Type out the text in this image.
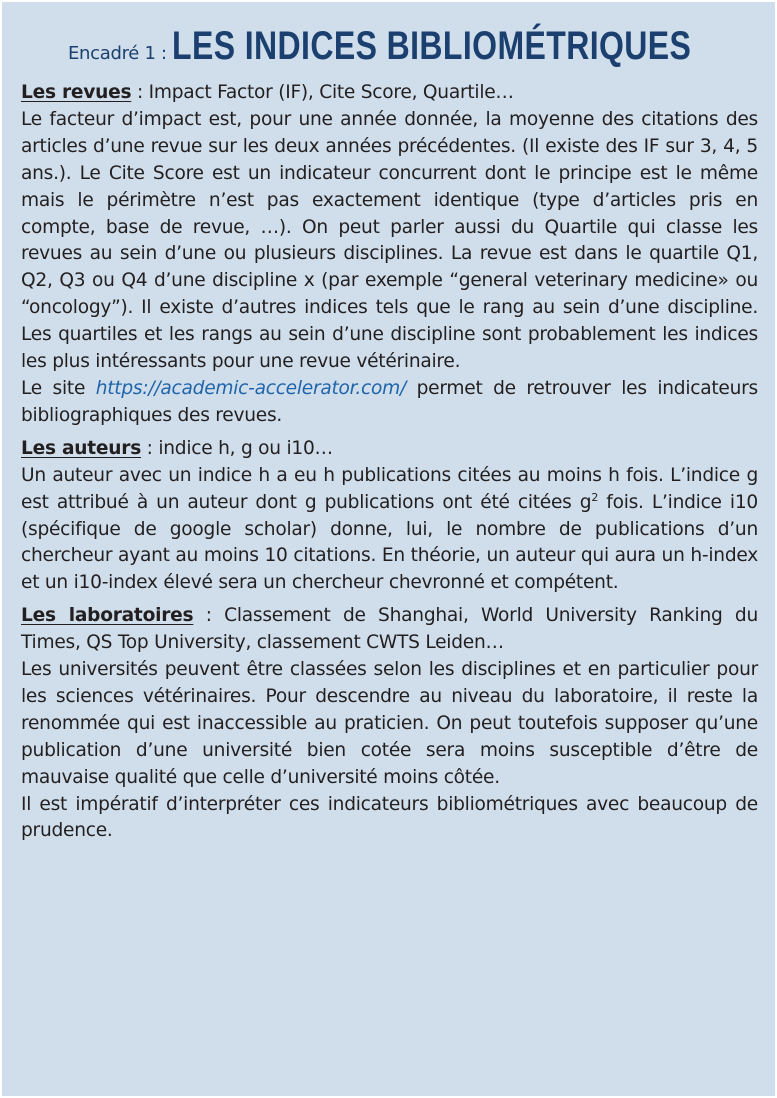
Encadré 1 : LES INDICES BIBLIOMÉTRIQUES

Les revues : Impact Factor (IF), Cite Score, Quartile…

Le facteur d’impact est, pour une année donnée, la moyenne des citations des articles d’une revue sur les deux années précédentes. (Il existe des IF sur 3, 4, 5 ans.). Le Cite Score est un indicateur concurrent dont le principe est le même mais le périmètre n’est pas exactement identique (type d’articles pris en compte, base de revue, …). On peut parler aussi du Quartile qui classe les revues au sein d’une ou plusieurs disciplines. La revue est dans le quartile Q1, Q2, Q3 ou Q4 d’une discipline x (par exemple “general veterinary medicine» ou “oncology”). Il existe d’autres indices tels que le rang au sein d’une discipline. Les quartiles et les rangs au sein d’une discipline sont probablement les indices les plus intéressants pour une revue vétérinaire.

Le site https://academic-accelerator.com/ permet de retrouver les indicateurs bibliographiques des revues.

Les auteurs : indice h, g ou i10…

Un auteur avec un indice h a eu h publications citées au moins h fois. L’indice g est attribué à un auteur dont g publications ont été citées $g^2$ fois. L’indice i10 (spécifique de google scholar) donne, lui, le nombre de publications d’un chercheur ayant au moins 10 citations. En théorie, un auteur qui aura un h-index et un i10-index élevé sera un chercheur chevronné et compétent.

Les laboratoires : Classement de Shanghai, World University Ranking du Times, QS Top University, classement CWTS Leiden…

Les universités peuvent être classées selon les disciplines et en particulier pour les sciences vétérinaires. Pour descendre au niveau du laboratoire, il reste la renommée qui est inaccessible au praticien. On peut toutefois supposer qu’une publication d’une université bien cotée sera moins susceptible d’être de mauvaise qualité que celle d’université moins côtée.

Il est impératif d’interpréter ces indicateurs bibliométriques avec beaucoup de prudence.
